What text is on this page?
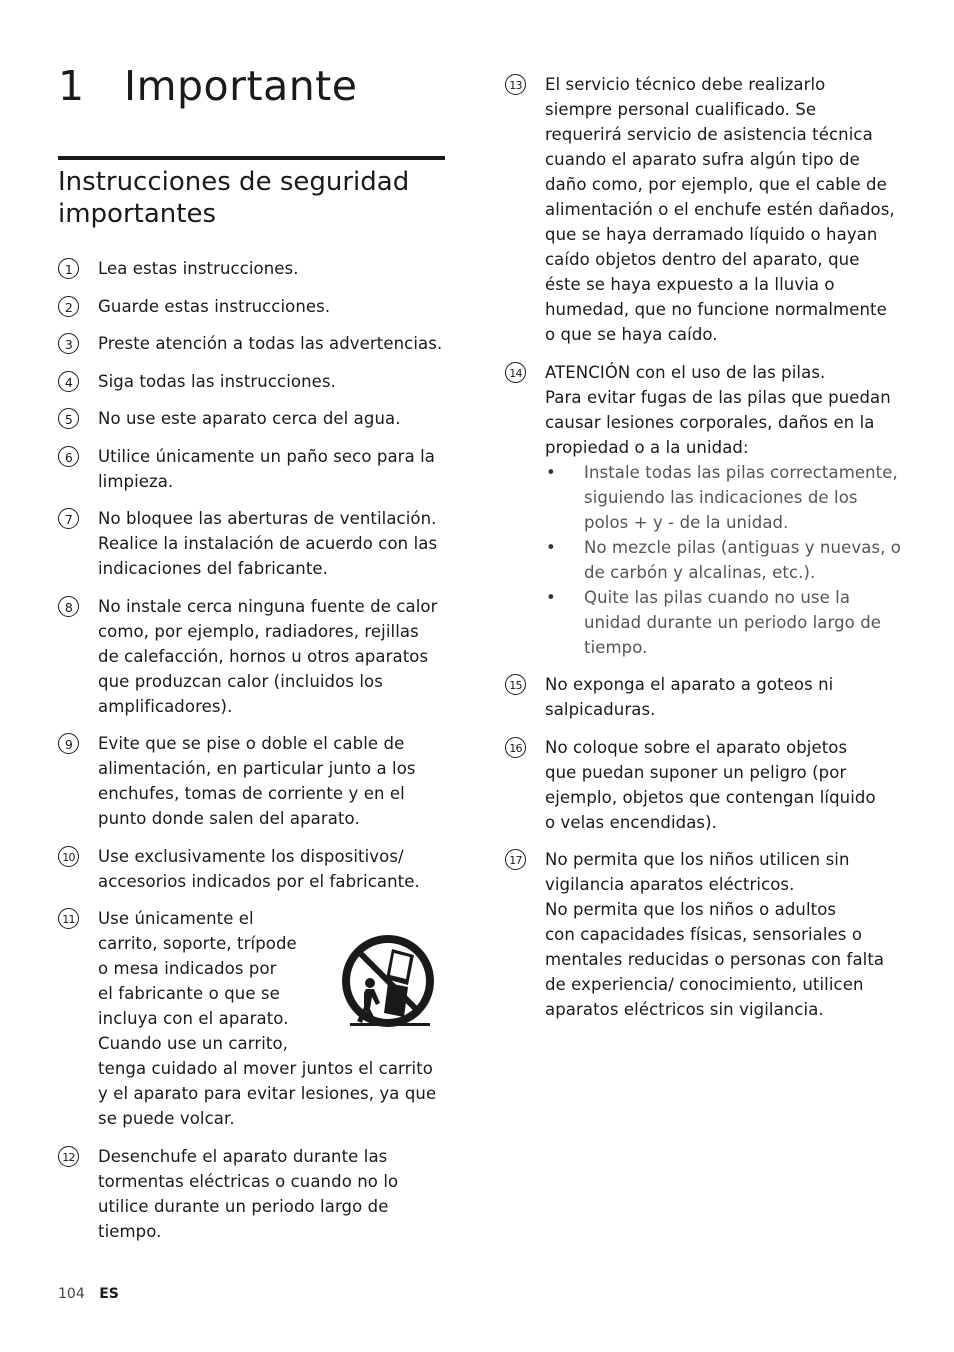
1 Importante
Instrucciones de seguridad importantes
1	Lea estas instrucciones.
2	Guarde estas instrucciones.
3	Preste atención a todas las advertencias.
4	Siga todas las instrucciones.
5	No use este aparato cerca del agua.
6	Utilice únicamente un paño seco para la
limpieza.
7	No bloquee las aberturas de ventilación.
Realice la instalación de acuerdo con las
indicaciones del fabricante.
8	No instale cerca ninguna fuente de calor
como, por ejemplo, radiadores, rejillas
de calefacción, hornos u otros aparatos
que produzcan calor (incluidos los
amplificadores).
9	Evite que se pise o doble el cable de
alimentación, en particular junto a los
enchufes, tomas de corriente y en el
punto donde salen del aparato.
10 Use exclusivamente los dispositivos/
accesorios indicados por el fabricante.
11 Use únicamente el
carrito, soporte, trípode
o mesa indicados por
el fabricante o que se
incluya con el aparato.
Cuando use un carrito,
tenga cuidado al mover juntos el carrito
y el aparato para evitar lesiones, ya que
se puede volcar.
12 Desenchufe el aparato durante las
tormentas eléctricas o cuando no lo
utilice durante un periodo largo de
tiempo.
13 El servicio técnico debe realizarlo
siempre personal cualificado. Se
requerirá servicio de asistencia técnica
cuando el aparato sufra algún tipo de
daño como, por ejemplo, que el cable de
alimentación o el enchufe estén dañados,
que se haya derramado líquido o hayan
caído objetos dentro del aparato, que
éste se haya expuesto a la lluvia o
humedad, que no funcione normalmente
o que se haya caído.
14 ATENCIÓN con el uso de las pilas.
Para evitar fugas de las pilas que puedan
causar lesiones corporales, daños en la
propiedad o a la unidad:
• Instale todas las pilas correctamente,
siguiendo las indicaciones de los
polos + y - de la unidad.
• No mezcle pilas (antiguas y nuevas, o
de carbón y alcalinas, etc.).
• Quite las pilas cuando no use la
unidad durante un periodo largo de
tiempo.
15 No exponga el aparato a goteos ni
salpicaduras.
16 No coloque sobre el aparato objetos
que puedan suponer un peligro (por
ejemplo, objetos que contengan líquido
o velas encendidas).
17 No permita que los niños utilicen sin
vigilancia aparatos eléctricos.
No permita que los niños o adultos
con capacidades físicas, sensoriales o
mentales reducidas o personas con falta
de experiencia/ conocimiento, utilicen
aparatos eléctricos sin vigilancia.
104 ES
